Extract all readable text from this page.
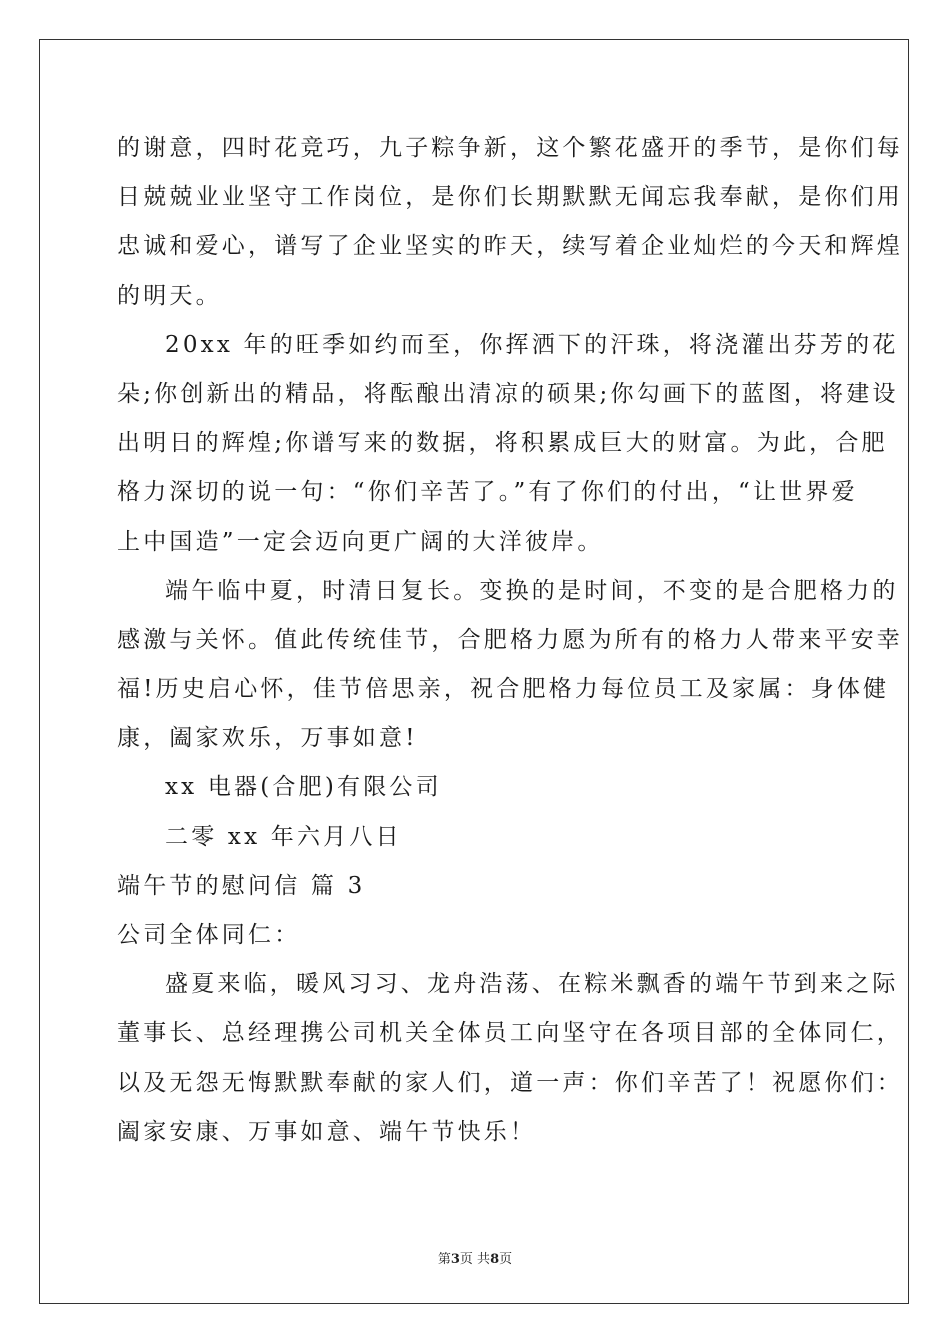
的谢意，四时花竞巧，九子粽争新，这个繁花盛开的季节，是你们每
日兢兢业业坚守工作岗位，是你们长期默默无闻忘我奉献，是你们用
忠诚和爱心，谱写了企业坚实的昨天，续写着企业灿烂的今天和辉煌
的明天。
20xx 年的旺季如约而至，你挥洒下的汗珠，将浇灌出芬芳的花
朵;你创新出的精品，将酝酿出清凉的硕果;你勾画下的蓝图，将建设
出明日的辉煌;你谱写来的数据，将积累成巨大的财富。为此，合肥
格力深切的说一句：“你们辛苦了。”有了你们的付出，“让世界爱
上中国造”一定会迈向更广阔的大洋彼岸。
端午临中夏，时清日复长。变换的是时间，不变的是合肥格力的
感激与关怀。值此传统佳节，合肥格力愿为所有的格力人带来平安幸
福!历史启心怀，佳节倍思亲，祝合肥格力每位员工及家属：身体健
康，阖家欢乐，万事如意!
xx 电器(合肥)有限公司
二零 xx 年六月八日
端午节的慰问信 篇 3
公司全体同仁：
盛夏来临，暖风习习、龙舟浩荡、在粽米飘香的端午节到来之际
董事长、总经理携公司机关全体员工向坚守在各项目部的全体同仁，
以及无怨无悔默默奉献的家人们，道一声：你们辛苦了！祝愿你们：
阖家安康、万事如意、端午节快乐！
第3页 共8页
